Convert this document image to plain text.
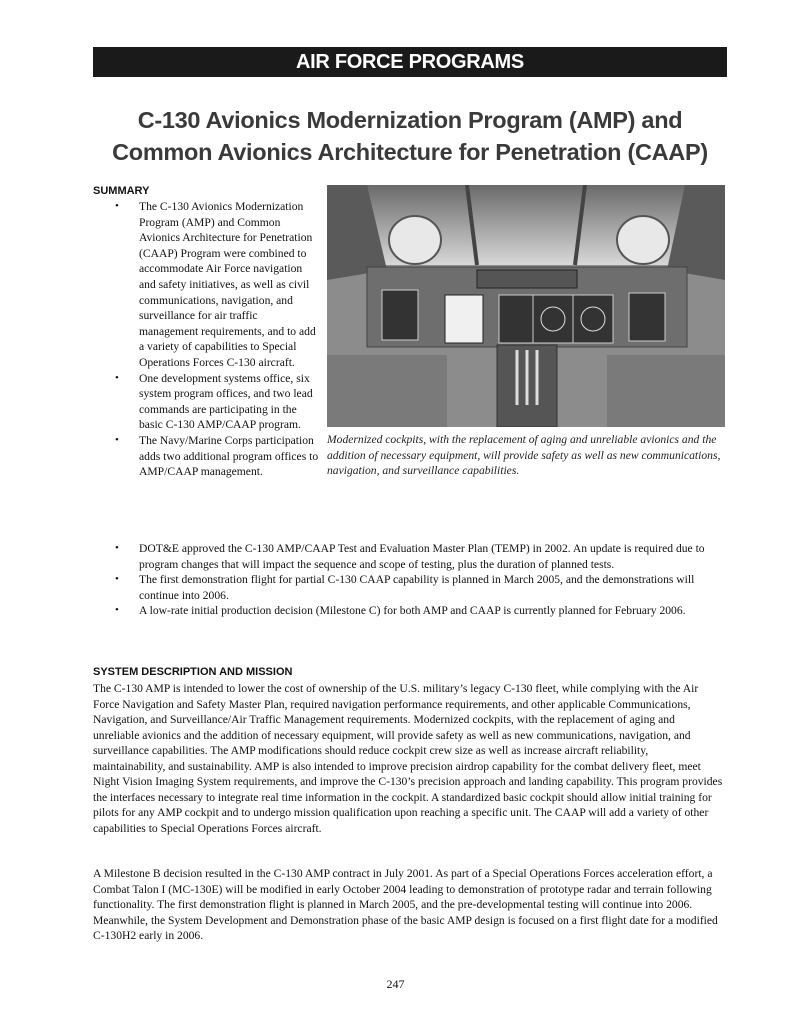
AIR FORCE PROGRAMS
C-130 Avionics Modernization Program (AMP) and Common Avionics Architecture for Penetration (CAAP)
SUMMARY
• The C-130 Avionics Modernization Program (AMP) and Common Avionics Architecture for Penetration (CAAP) Program were combined to accommodate Air Force navigation and safety initiatives, as well as civil communications, navigation, and surveillance for air traffic management requirements, and to add a variety of capabilities to Special Operations Forces C-130 aircraft.
• One development systems office, six system program offices, and two lead commands are participating in the basic C-130 AMP/CAAP program.
• The Navy/Marine Corps participation adds two additional program offices to AMP/CAAP management.
Modernized cockpits, with the replacement of aging and unreliable avionics and the addition of necessary equipment, will provide safety as well as new communications, navigation, and surveillance capabilities.
• DOT&E approved the C-130 AMP/CAAP Test and Evaluation Master Plan (TEMP) in 2002. An update is required due to program changes that will impact the sequence and scope of testing, plus the duration of planned tests.
• The first demonstration flight for partial C-130 CAAP capability is planned in March 2005, and the demonstrations will continue into 2006.
• A low-rate initial production decision (Milestone C) for both AMP and CAAP is currently planned for February 2006.
SYSTEM DESCRIPTION AND MISSION
The C-130 AMP is intended to lower the cost of ownership of the U.S. military’s legacy C-130 fleet, while complying with the Air Force Navigation and Safety Master Plan, required navigation performance requirements, and other applicable Communications, Navigation, and Surveillance/Air Traffic Management requirements. Modernized cockpits, with the replacement of aging and unreliable avionics and the addition of necessary equipment, will provide safety as well as new communications, navigation, and surveillance capabilities. The AMP modifications should reduce cockpit crew size as well as increase aircraft reliability, maintainability, and sustainability. AMP is also intended to improve precision airdrop capability for the combat delivery fleet, meet Night Vision Imaging System requirements, and improve the C-130’s precision approach and landing capability. This program provides the interfaces necessary to integrate real time information in the cockpit. A standardized basic cockpit should allow initial training for pilots for any AMP cockpit and to undergo mission qualification upon reaching a specific unit. The CAAP will add a variety of other capabilities to Special Operations Forces aircraft.
A Milestone B decision resulted in the C-130 AMP contract in July 2001. As part of a Special Operations Forces acceleration effort, a Combat Talon I (MC-130E) will be modified in early October 2004 leading to demonstration of prototype radar and terrain following functionality. The first demonstration flight is planned in March 2005, and the pre-developmental testing will continue into 2006. Meanwhile, the System Development and Demonstration phase of the basic AMP design is focused on a first flight date for a modified C-130H2 early in 2006.
247
